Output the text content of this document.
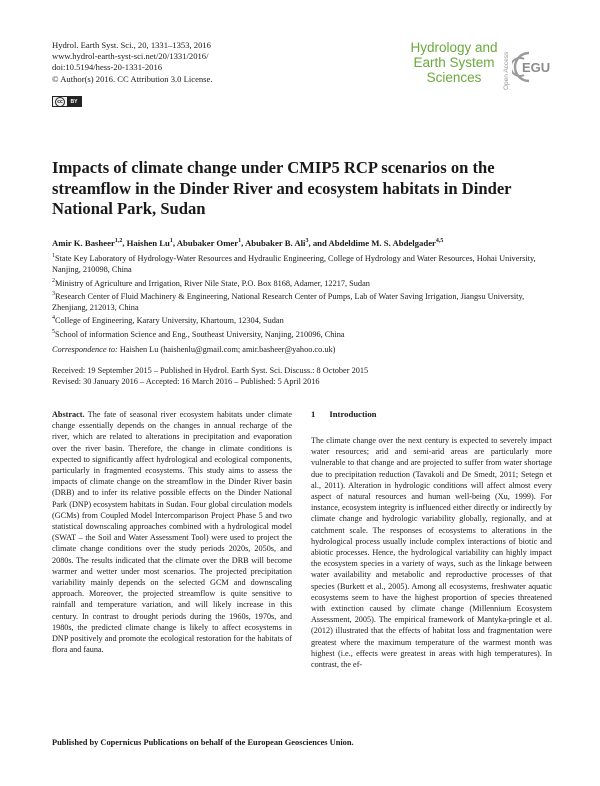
Hydrol. Earth Syst. Sci., 20, 1331–1353, 2016
www.hydrol-earth-syst-sci.net/20/1331/2016/
doi:10.5194/hess-20-1331-2016
© Author(s) 2016. CC Attribution 3.0 License.
cc	BY
Hydrology and
Earth System
Sciences	Open Access EGU
Impacts of climate change under CMIP5 RCP scenarios on the streamflow in the Dinder River and ecosystem habitats in Dinder National Park, Sudan
Amir K. Basheer$^{1,2}$, Haishen Lu$^1$, Abubaker Omer$^1$, Abubaker B. Ali$^3$, and Abdeldime M. S. Abdelgader$^{4,5}$
$^1$State Key Laboratory of Hydrology-Water Resources and Hydraulic Engineering, College of Hydrology and Water Resources, Hohai University, Nanjing, 210098, China
$^2$Ministry of Agriculture and Irrigation, River Nile State, P.O. Box 8168, Adamer, 12217, Sudan
$^3$Research Center of Fluid Machinery & Engineering, National Research Center of Pumps, Lab of Water Saving Irrigation, Jiangsu University, Zhenjiang, 212013, China
$^4$College of Engineering, Karary University, Khartoum, 12304, Sudan
$^5$School of information Science and Eng., Southeast University, Nanjing, 210096, China
Correspondence to: Haishen Lu (haishenlu@gmail.com; amir.basheer@yahoo.co.uk)
Received: 19 September 2015 – Published in Hydrol. Earth Syst. Sci. Discuss.: 8 October 2015
Revised: 30 January 2016 – Accepted: 16 March 2016 – Published: 5 April 2016
Abstract. The fate of seasonal river ecosystem habitats under climate change essentially depends on the changes in annual recharge of the river, which are related to alterations in precipitation and evaporation over the river basin. Therefore, the change in climate conditions is expected to significantly affect hydrological and ecological components, particularly in fragmented ecosystems. This study aims to assess the impacts of climate change on the streamflow in the Dinder River basin (DRB) and to infer its relative possible effects on the Dinder National Park (DNP) ecosystem habitats in Sudan. Four global circulation models (GCMs) from Coupled Model Intercomparison Project Phase 5 and two statistical downscaling approaches combined with a hydrological model (SWAT – the Soil and Water Assessment Tool) were used to project the climate change conditions over the study periods 2020s, 2050s, and 2080s. The results indicated that the climate over the DRB will become warmer and wetter under most scenarios. The projected precipitation variability mainly depends on the selected GCM and downscaling approach. Moreover, the projected streamflow is quite sensitive to rainfall and temperature variation, and will likely increase in this century. In contrast to drought periods during the 1960s, 1970s, and 1980s, the predicted climate change is likely to affect ecosystems in DNP positively and promote the ecological restoration for the habitats of flora and fauna.
1 Introduction
The climate change over the next century is expected to severely impact water resources; arid and semi-arid areas are particularly more vulnerable to that change and are projected to suffer from water shortage due to precipitation reduction (Tavakoli and De Smedt, 2011; Setegn et al., 2011). Alteration in hydrologic conditions will affect almost every aspect of natural resources and human well-being (Xu, 1999). For instance, ecosystem integrity is influenced either directly or indirectly by climate change and hydrologic variability globally, regionally, and at catchment scale. The responses of ecosystems to alterations in the hydrological process usually include complex interactions of biotic and abiotic processes. Hence, the hydrological variability can highly impact the ecosystem species in a variety of ways, such as the linkage between water availability and metabolic and reproductive processes of that species (Burkett et al., 2005). Among all ecosystems, freshwater aquatic ecosystems seem to have the highest proportion of species threatened with extinction caused by climate change (Millennium Ecosystem Assessment, 2005). The empirical framework of Mantyka-pringle et al. (2012) illustrated that the effects of habitat loss and fragmentation were greatest where the maximum temperature of the warmest month was highest (i.e., effects were greatest in areas with high temperatures). In contrast, the ef-
Published by Copernicus Publications on behalf of the European Geosciences Union.
